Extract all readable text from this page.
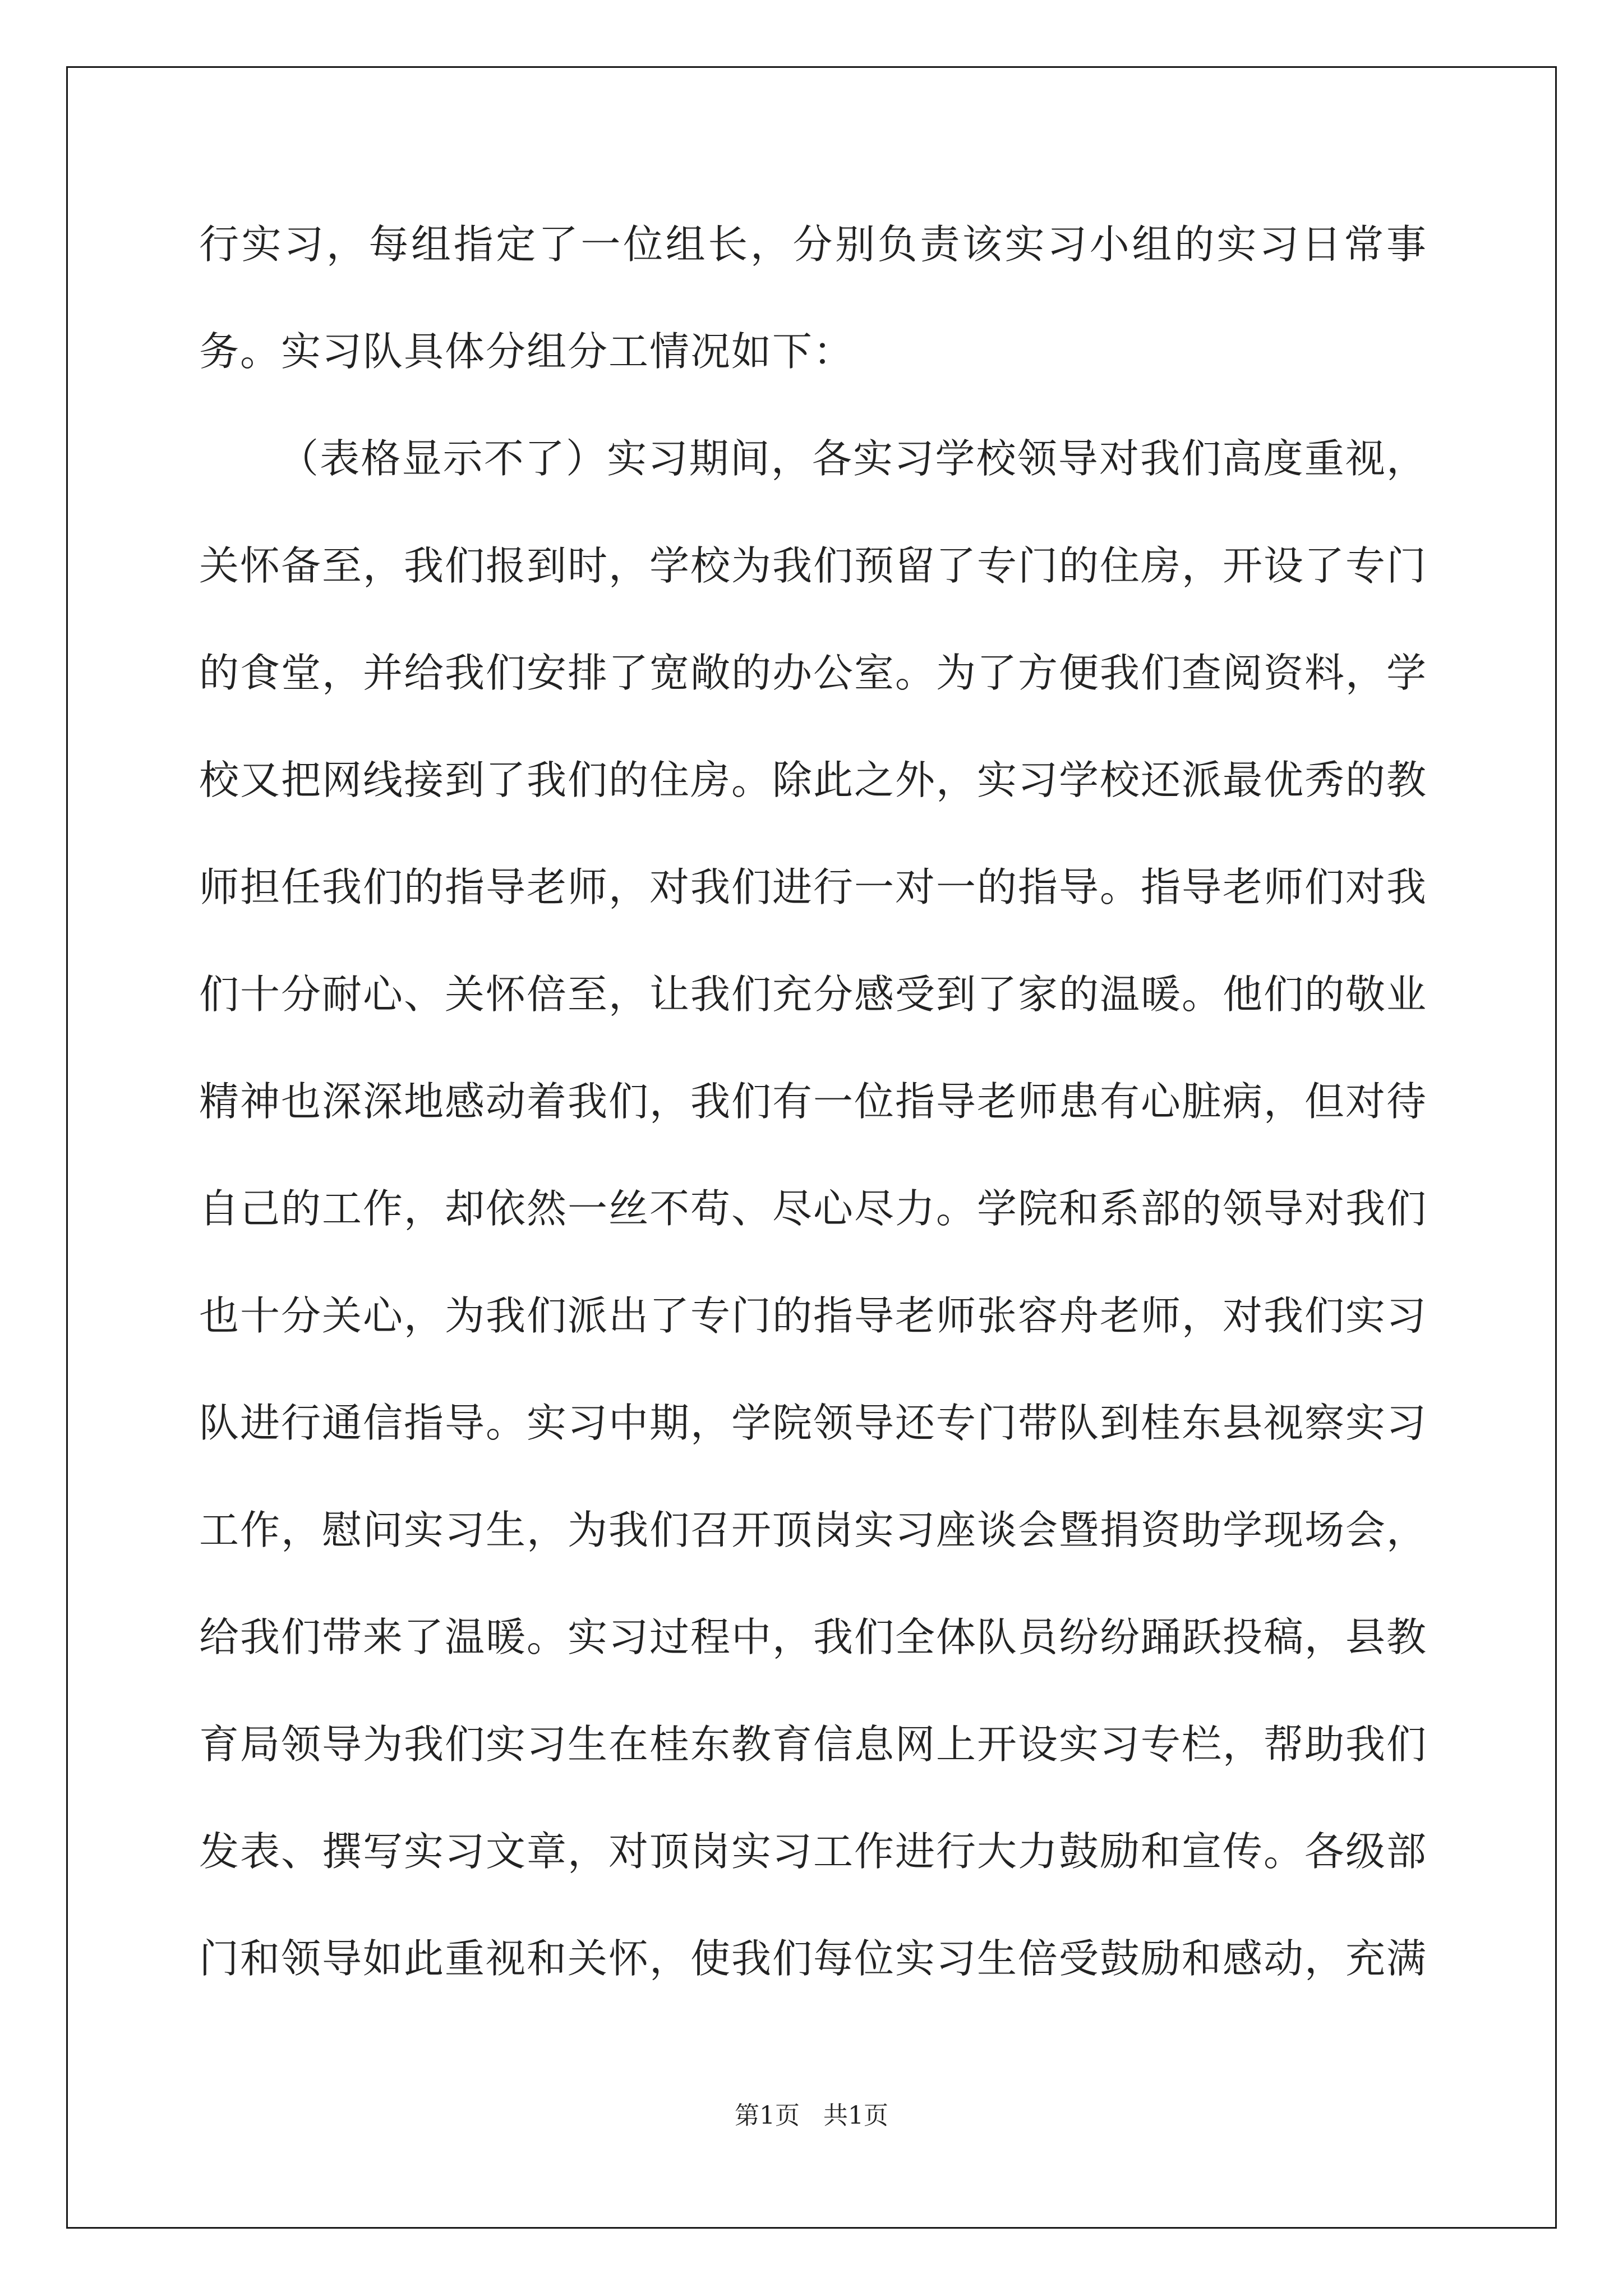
行实习，每组指定了一位组长，分别负责该实习小组的实习日常事务。实习队具体分组分工情况如下：

（表格显示不了）实习期间，各实习学校领导对我们高度重视，关怀备至，我们报到时，学校为我们预留了专门的住房，开设了专门的食堂，并给我们安排了宽敞的办公室。为了方便我们查阅资料，学校又把网线接到了我们的住房。除此之外，实习学校还派最优秀的教师担任我们的指导老师，对我们进行一对一的指导。指导老师们对我们十分耐心、关怀倍至，让我们充分感受到了家的温暖。他们的敬业精神也深深地感动着我们，我们有一位指导老师患有心脏病，但对待自己的工作，却依然一丝不苟、尽心尽力。学院和系部的领导对我们也十分关心，为我们派出了专门的指导老师张容舟老师，对我们实习队进行通信指导。实习中期，学院领导还专门带队到桂东县视察实习工作，慰问实习生，为我们召开顶岗实习座谈会暨捐资助学现场会，给我们带来了温暖。实习过程中，我们全体队员纷纷踊跃投稿，县教育局领导为我们实习生在桂东教育信息网上开设实习专栏，帮助我们发表、撰写实习文章，对顶岗实习工作进行大力鼓励和宣传。各级部门和领导如此重视和关怀，使我们每位实习生倍受鼓励和感动，充满

第1页 共1页
